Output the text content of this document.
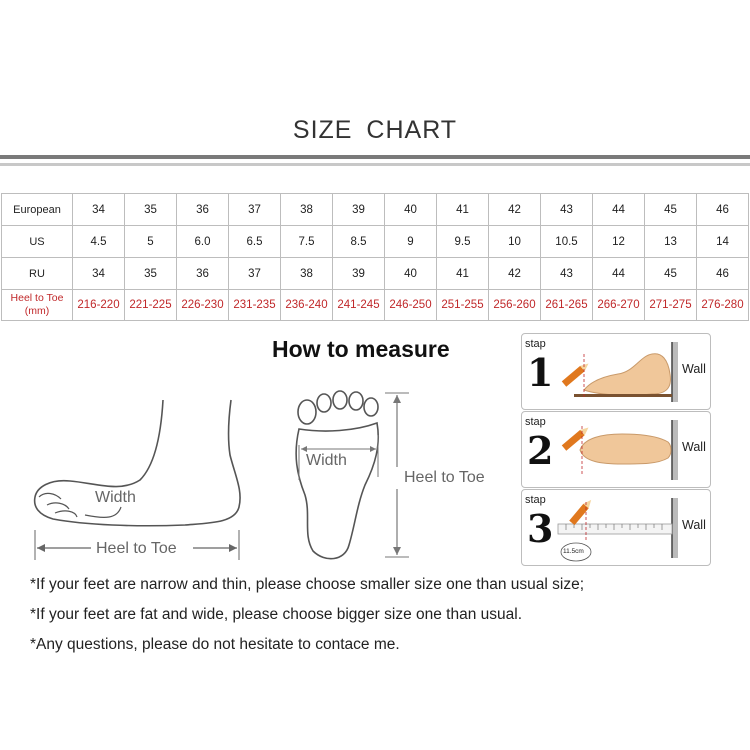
SIZE CHART
European	34	35	36	37	38	39	40	41	42	43	44	45	46
US	4.5	5	6.0	6.5	7.5	8.5	9	9.5	10	10.5	12	13	14
RU	34	35	36	37	38	39	40	41	42	43	44	45	46
Heel to Toe (mm)	216-220	221-225	226-230	231-235	236-240	241-245	246-250	251-255	256-260	261-265	266-270	271-275	276-280
How to measure
Width
Heel to Toe
Width
Heel to Toe
stap
1	Wall
stap
2	Wall
stap
3	Wall
11.5cm
*If your feet are narrow and thin, please choose smaller size one than usual size;
*If your feet are fat and wide, please choose bigger size one than usual.
*Any questions, please do not hesitate to contace me.
